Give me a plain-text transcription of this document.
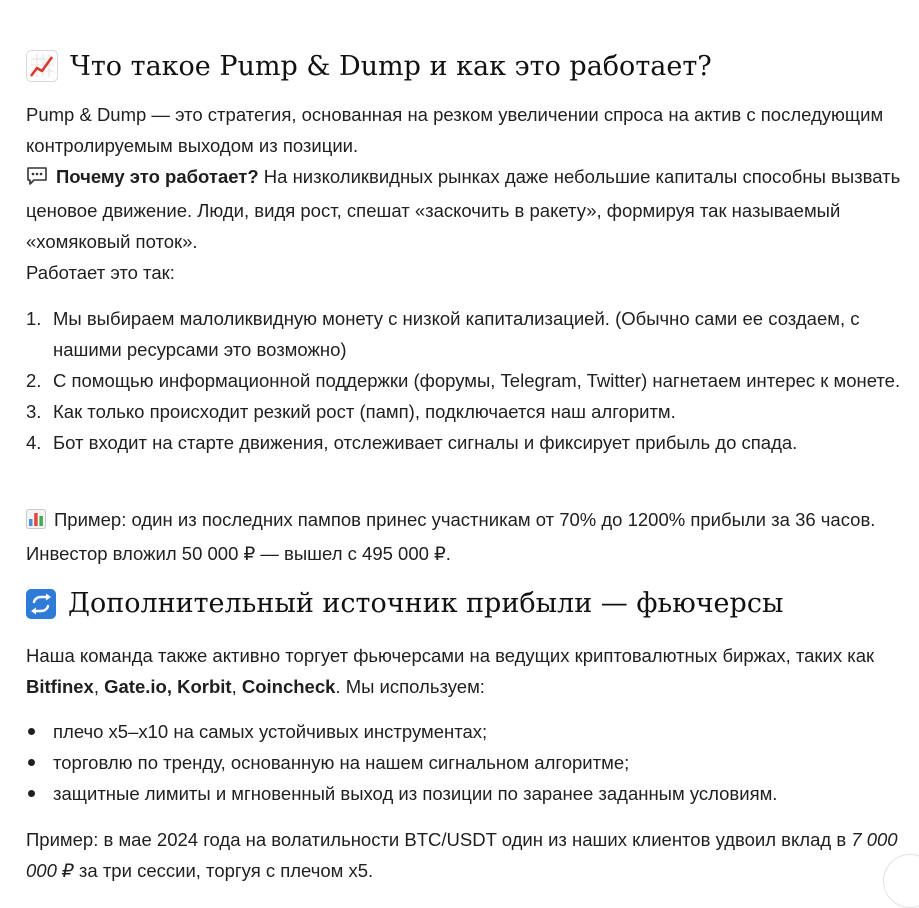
Что такое Pump & Dump и как это работает?

Pump & Dump — это стратегия, основанная на резком увеличении спроса на актив с последующим контролируемым выходом из позиции.
Почему это работает? На низколиквидных рынках даже небольшие капиталы способны вызвать ценовое движение. Люди, видя рост, спешат «заскочить в ракету», формируя так называемый «хомяковый поток».
Работает это так:

1. Мы выбираем малоликвидную монету с низкой капитализацией. (Обычно сами ее создаем, с нашими ресурсами это возможно)
2. С помощью информационной поддержки (форумы, Telegram, Twitter) нагнетаем интерес к монете.
3. Как только происходит резкий рост (памп), подключается наш алгоритм.
4. Бот входит на старте движения, отслеживает сигналы и фиксирует прибыль до спада.

Пример: один из последних пампов принес участникам от 70% до 1200% прибыли за 36 часов. Инвестор вложил 50 000 ₽ — вышел с 495 000 ₽.

Дополнительный источник прибыли — фьючерсы

Наша команда также активно торгует фьючерсами на ведущих криптовалютных биржах, таких как Bitfinex, Gate.io, Korbit, Coincheck. Мы используем:

плечо x5–x10 на самых устойчивых инструментах;
торговлю по тренду, основанную на нашем сигнальном алгоритме;
защитные лимиты и мгновенный выход из позиции по заранее заданным условиям.

Пример: в мае 2024 года на волатильности BTC/USDT один из наших клиентов удвоил вклад в 7 000 000 ₽ за три сессии, торгуя с плечом x5.
